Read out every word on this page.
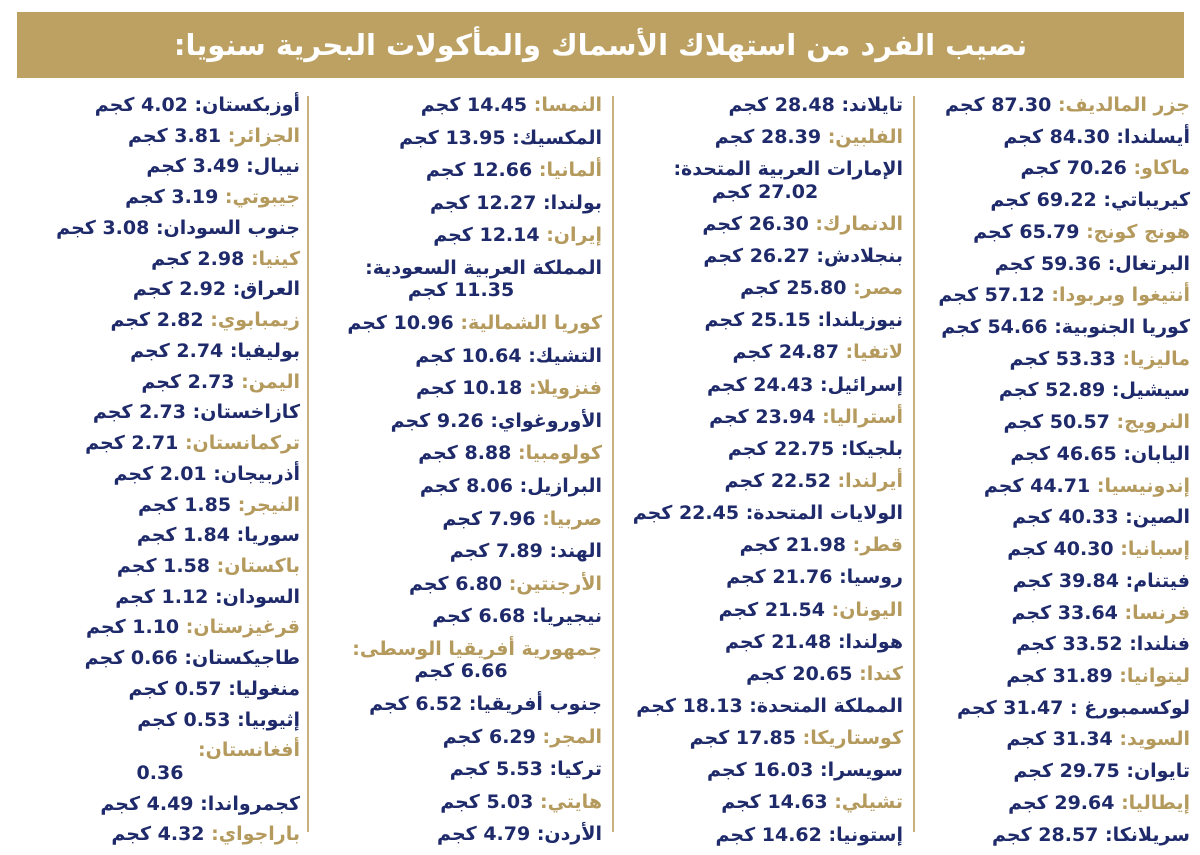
نصيب الفرد من استهلاك الأسماك والمأكولات البحرية سنويا:
جزر المالديف: 87.30 كجم
أيسلندا: 84.30 كجم
ماكاو: 70.26 كجم
كيريباتي: 69.22 كجم
هونج كونج: 65.79 كجم
البرتغال: 59.36 كجم
أنتيغوا وبربودا: 57.12 كجم
كوريا الجنوبية: 54.66 كجم
ماليزيا: 53.33 كجم
سيشيل: 52.89 كجم
النرويج: 50.57 كجم
اليابان: 46.65 كجم
إندونيسيا: 44.71 كجم
الصين: 40.33 كجم
إسبانيا: 40.30 كجم
فيتنام: 39.84 كجم
فرنسا: 33.64 كجم
فنلندا: 33.52 كجم
ليتوانيا: 31.89 كجم
لوكسمبورغ : 31.47 كجم
السويد: 31.34 كجم
تايوان: 29.75 كجم
إيطاليا: 29.64 كجم
سريلانكا: 28.57 كجم
تايلاند: 28.48 كجم
الفلبين: 28.39 كجم
الإمارات العربية المتحدة:
27.02 كجم
الدنمارك: 26.30 كجم
بنجلادش: 26.27 كجم
مصر: 25.80 كجم
نيوزيلندا: 25.15 كجم
لاتفيا: 24.87 كجم
إسرائيل: 24.43 كجم
أستراليا: 23.94 كجم
بلجيكا: 22.75 كجم
أيرلندا: 22.52 كجم
الولايات المتحدة: 22.45 كجم
قطر: 21.98 كجم
روسيا: 21.76 كجم
اليونان: 21.54 كجم
هولندا: 21.48 كجم
كندا: 20.65 كجم
المملكة المتحدة: 18.13 كجم
كوستاريكا: 17.85 كجم
سويسرا: 16.03 كجم
تشيلي: 14.63 كجم
إستونيا: 14.62 كجم
النمسا: 14.45 كجم
المكسيك: 13.95 كجم
ألمانيا: 12.66 كجم
بولندا: 12.27 كجم
إيران: 12.14 كجم
المملكة العربية السعودية:
11.35 كجم
كوريا الشمالية: 10.96 كجم
التشيك: 10.64 كجم
فنزويلا: 10.18 كجم
الأوروغواي: 9.26 كجم
كولومبيا: 8.88 كجم
البرازيل: 8.06 كجم
صربيا: 7.96 كجم
الهند: 7.89 كجم
الأرجنتين: 6.80 كجم
نيجيريا: 6.68 كجم
جمهورية أفريقيا الوسطى:
6.66 كجم
جنوب أفريقيا: 6.52 كجم
المجر: 6.29 كجم
تركيا: 5.53 كجم
هايتي: 5.03 كجم
الأردن: 4.79 كجم
أوزبكستان: 4.02 كجم
الجزائر: 3.81 كجم
نيبال: 3.49 كجم
جيبوتي: 3.19 كجم
جنوب السودان: 3.08 كجم
كينيا: 2.98 كجم
العراق: 2.92 كجم
زيمبابوي: 2.82 كجم
بوليفيا: 2.74 كجم
اليمن: 2.73 كجم
كازاخستان: 2.73 كجم
تركمانستان: 2.71 كجم
أذربيجان: 2.01 كجم
النيجر: 1.85 كجم
سوريا: 1.84 كجم
باكستان: 1.58 كجم
السودان: 1.12 كجم
قرغيزستان: 1.10 كجم
طاجيكستان: 0.66 كجم
منغوليا: 0.57 كجم
إثيوبيا: 0.53 كجم
أفغانستان:
0.36
كجمرواندا: 4.49 كجم
باراجواي: 4.32 كجم
